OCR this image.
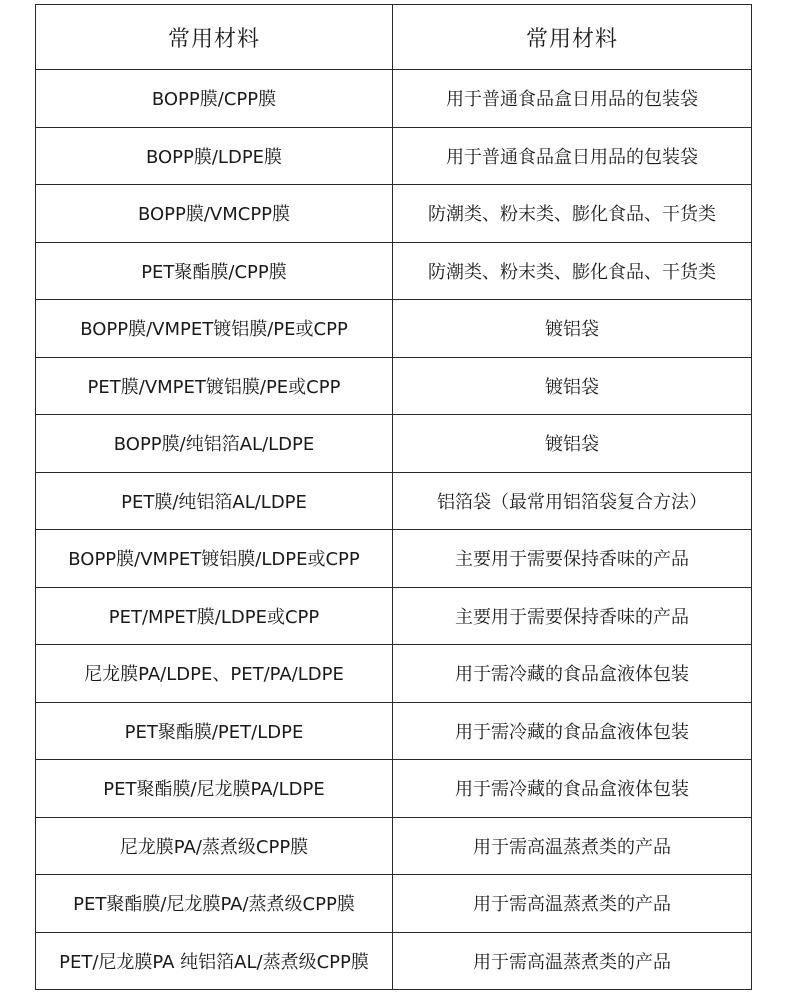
常用材料	常用材料
BOPP膜/CPP膜	用于普通食品盒日用品的包装袋
BOPP膜/LDPE膜	用于普通食品盒日用品的包装袋
BOPP膜/VMCPP膜	防潮类、粉末类、膨化食品、干货类
PET聚酯膜/CPP膜	防潮类、粉末类、膨化食品、干货类
BOPP膜/VMPET镀铝膜/PE或CPP	镀铝袋
PET膜/VMPET镀铝膜/PE或CPP	镀铝袋
BOPP膜/纯铝箔AL/LDPE	镀铝袋
PET膜/纯铝箔AL/LDPE	铝箔袋（最常用铝箔袋复合方法）
BOPP膜/VMPET镀铝膜/LDPE或CPP	主要用于需要保持香味的产品
PET/MPET膜/LDPE或CPP	主要用于需要保持香味的产品
尼龙膜PA/LDPE、PET/PA/LDPE	用于需冷藏的食品盒液体包装
PET聚酯膜/PET/LDPE	用于需冷藏的食品盒液体包装
PET聚酯膜/尼龙膜PA/LDPE	用于需冷藏的食品盒液体包装
尼龙膜PA/蒸煮级CPP膜	用于需高温蒸煮类的产品
PET聚酯膜/尼龙膜PA/蒸煮级CPP膜	用于需高温蒸煮类的产品
PET/尼龙膜PA 纯铝箔AL/蒸煮级CPP膜	用于需高温蒸煮类的产品
